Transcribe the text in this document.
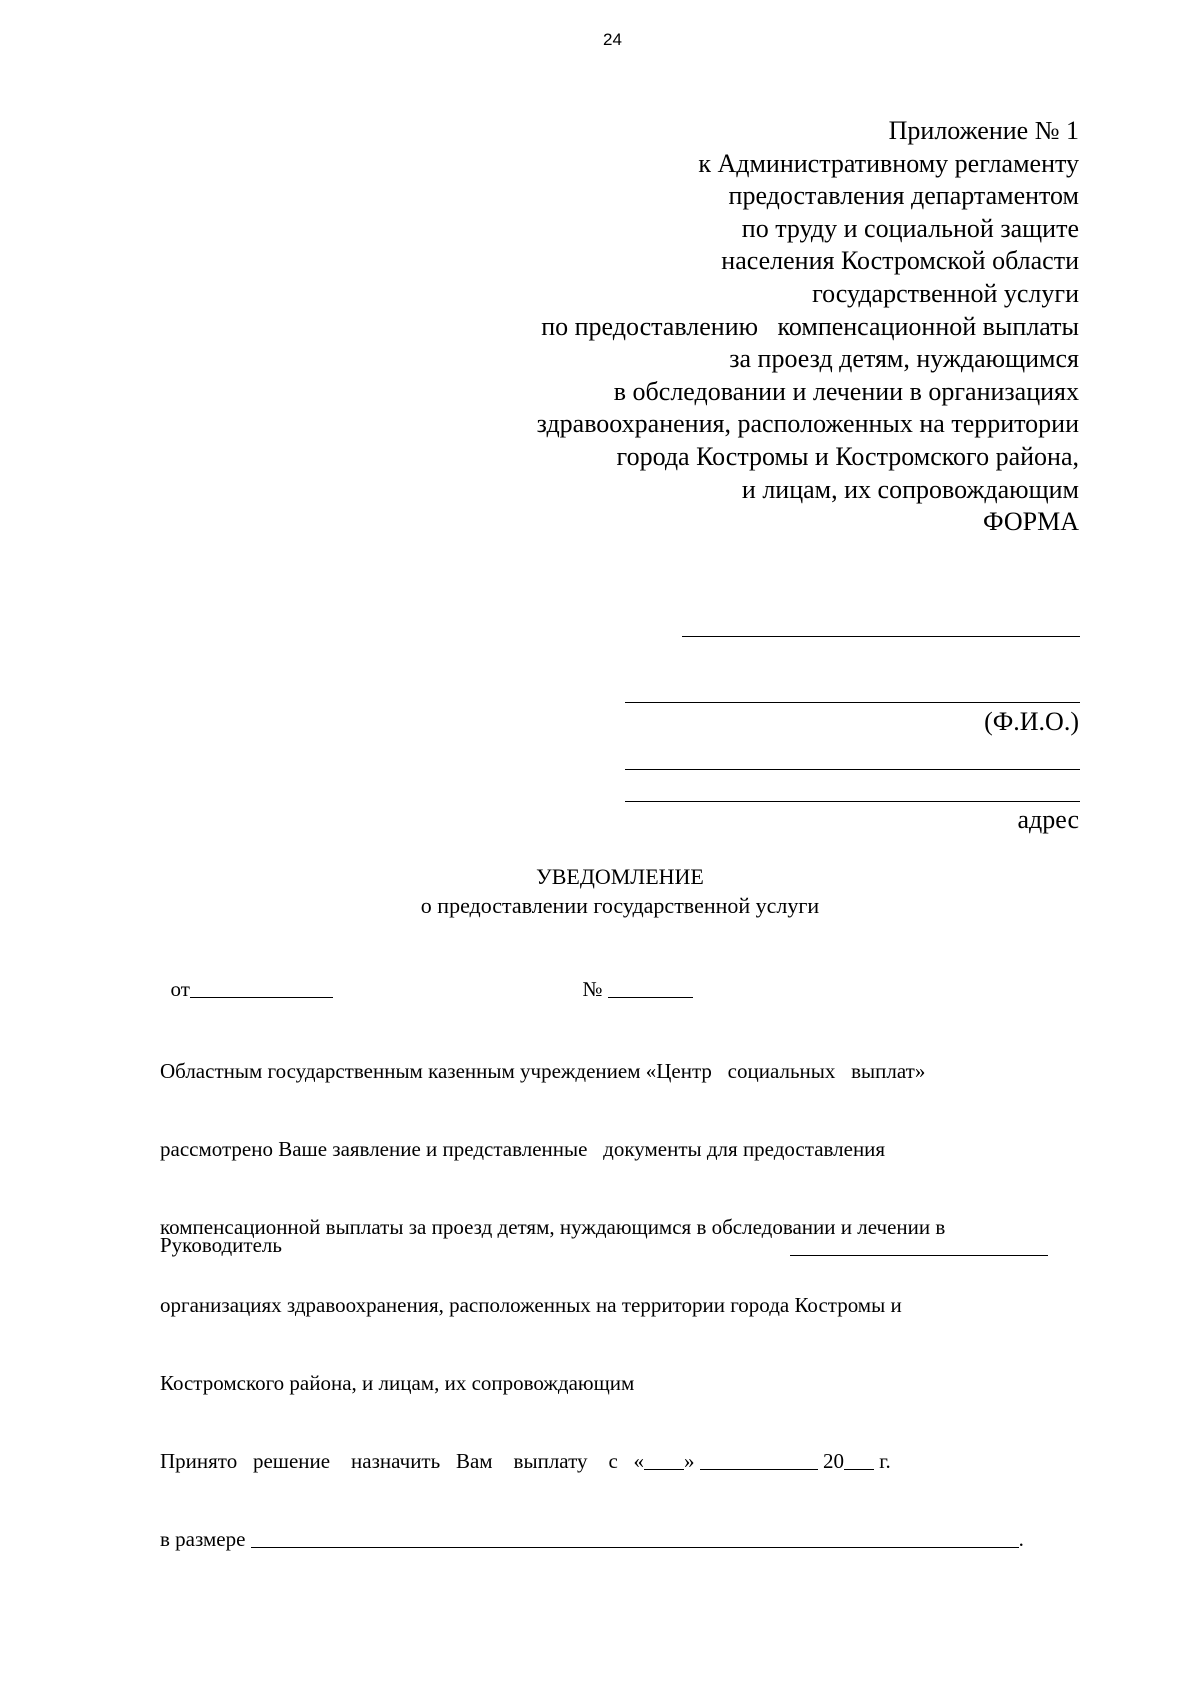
24
Приложение № 1
к Административному регламенту
предоставления департаментом
по труду и социальной защите
населения Костромской области
государственной услуги
по предоставлению   компенсационной выплаты
за проезд детям, нуждающимся
в обследовании и лечении в организациях
здравоохранения, расположенных на территории
города Костромы и Костромского района,
и лицам, их сопровождающим
ФОРМА
(Ф.И.О.)
адрес
УВЕДОМЛЕНИЕ
о предоставлении государственной услуги

от	№

Областным государственным казенным учреждением «Центр   социальных   выплат»

рассмотрено Ваше заявление и представленные   документы для предоставления

компенсационной выплаты за проезд детям, нуждающимся в обследовании и лечении в

организациях здравоохранения, расположенных на территории города Костромы и

Костромского района, и лицам, их сопровождающим

Принято   решение    назначить   Вам    выплату    с   « »	20 г.

в размере	.

Руководитель
